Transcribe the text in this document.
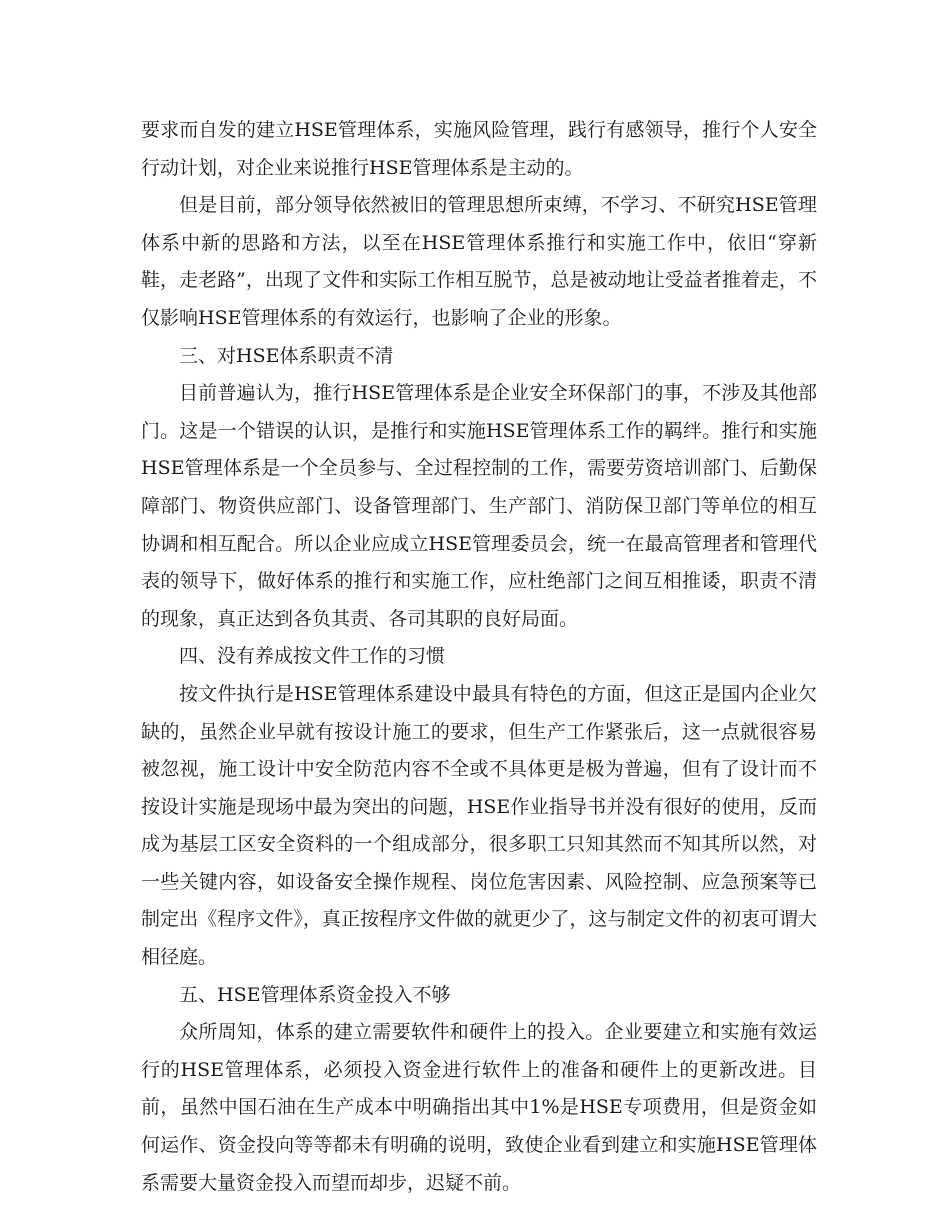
要求而自发的建立HSE管理体系，实施风险管理，践行有感领导，推行个人安全行动计划，对企业来说推行HSE管理体系是主动的。

但是目前，部分领导依然被旧的管理思想所束缚，不学习、不研究HSE管理体系中新的思路和方法，以至在HSE管理体系推行和实施工作中，依旧“穿新鞋，走老路”，出现了文件和实际工作相互脱节，总是被动地让受益者推着走，不仅影响HSE管理体系的有效运行，也影响了企业的形象。

三、对HSE体系职责不清

目前普遍认为，推行HSE管理体系是企业安全环保部门的事，不涉及其他部门。这是一个错误的认识，是推行和实施HSE管理体系工作的羁绊。推行和实施HSE管理体系是一个全员参与、全过程控制的工作，需要劳资培训部门、后勤保障部门、物资供应部门、设备管理部门、生产部门、消防保卫部门等单位的相互协调和相互配合。所以企业应成立HSE管理委员会，统一在最高管理者和管理代表的领导下，做好体系的推行和实施工作，应杜绝部门之间互相推诿，职责不清的现象，真正达到各负其责、各司其职的良好局面。

四、没有养成按文件工作的习惯

按文件执行是HSE管理体系建设中最具有特色的方面，但这正是国内企业欠缺的，虽然企业早就有按设计施工的要求，但生产工作紧张后，这一点就很容易被忽视，施工设计中安全防范内容不全或不具体更是极为普遍，但有了设计而不按设计实施是现场中最为突出的问题，HSE作业指导书并没有很好的使用，反而成为基层工区安全资料的一个组成部分，很多职工只知其然而不知其所以然，对一些关键内容，如设备安全操作规程、岗位危害因素、风险控制、应急预案等已制定出《程序文件》，真正按程序文件做的就更少了，这与制定文件的初衷可谓大相径庭。

五、HSE管理体系资金投入不够

众所周知，体系的建立需要软件和硬件上的投入。企业要建立和实施有效运行的HSE管理体系，必须投入资金进行软件上的准备和硬件上的更新改进。目前，虽然中国石油在生产成本中明确指出其中1%是HSE专项费用，但是资金如何运作、资金投向等等都未有明确的说明，致使企业看到建立和实施HSE管理体系需要大量资金投入而望而却步，迟疑不前。
